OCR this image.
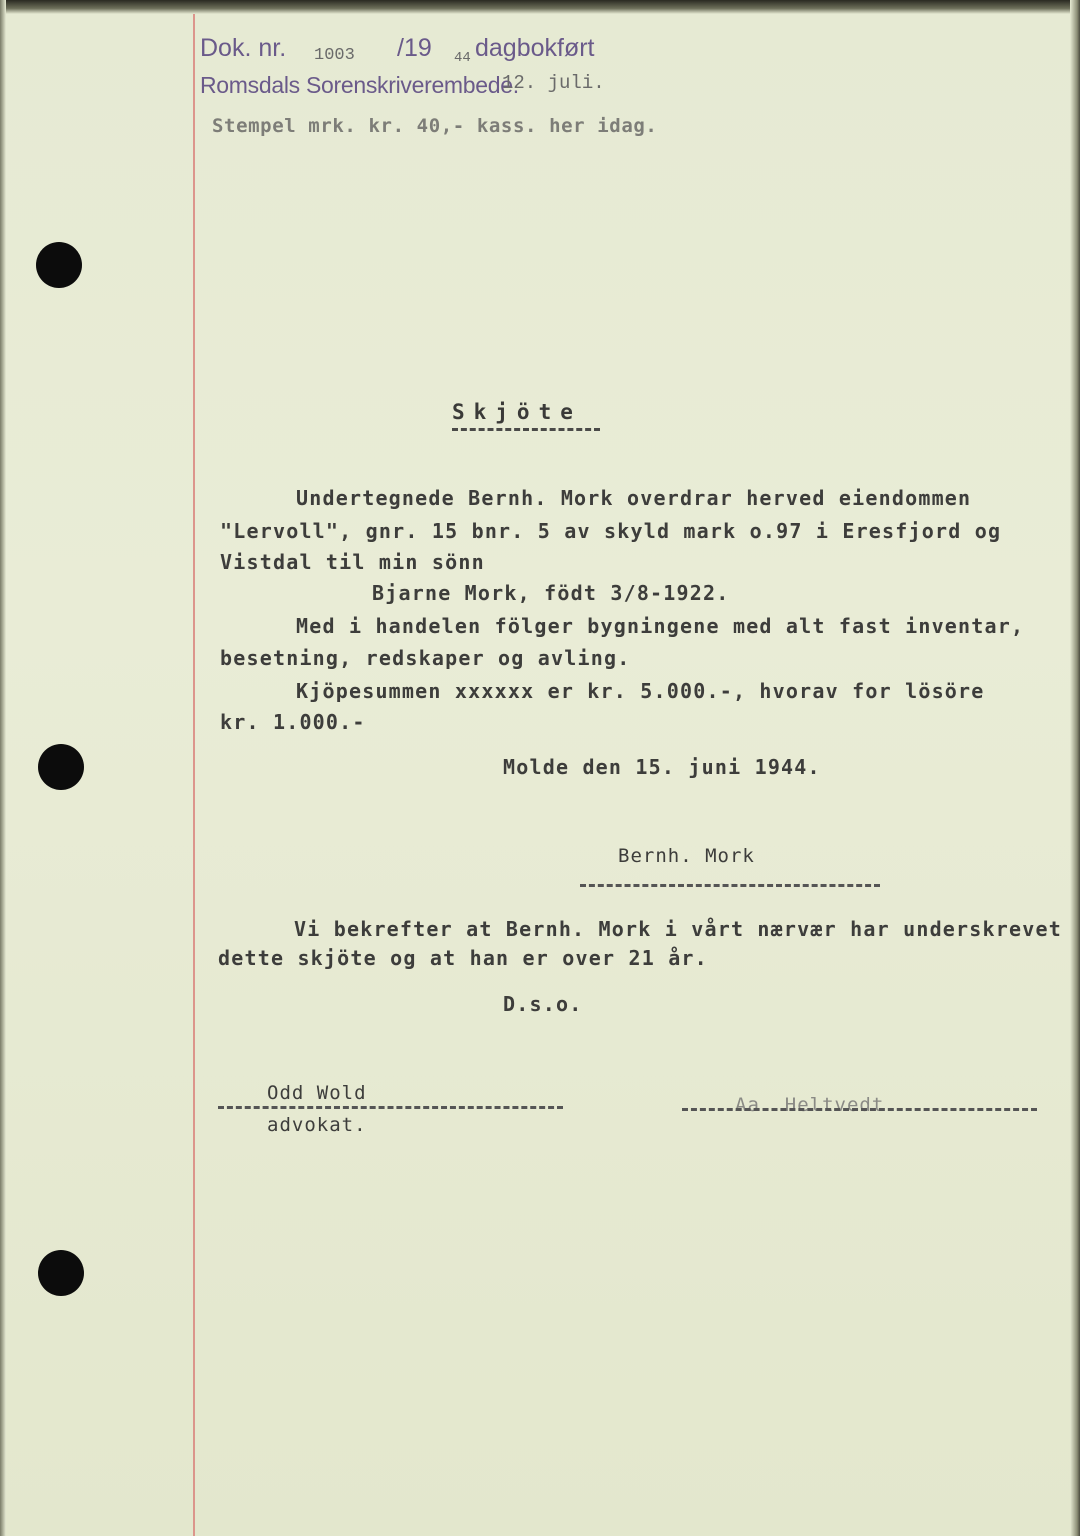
Dok. nr. 1003 /19 44 dagbokført
Romsdals Sorenskriverembede.
12. juli.
Stempel mrk. kr. 40,- kass. her idag.
Skjöte
Undertegnede Bernh. Mork overdrar herved eiendommen
"Lervoll", gnr. 15 bnr. 5 av skyld mark o.97 i Eresfjord og
Vistdal til min sönn
Bjarne Mork, födt 3/8-1922.
Med i handelen fölger bygningene med alt fast inventar,
besetning, redskaper og avling.
Kjöpesummen xxxxxx er kr. 5.000.-, hvorav for lösöre
kr. 1.000.-
Molde den 15. juni 1944.
Bernh. Mork
Vi bekrefter at Bernh. Mork i vårt nærvær har underskrevet
dette skjöte og at han er over 21 år.
D.s.o.
Odd Wold
advokat.
Aa. Heltvedt.
